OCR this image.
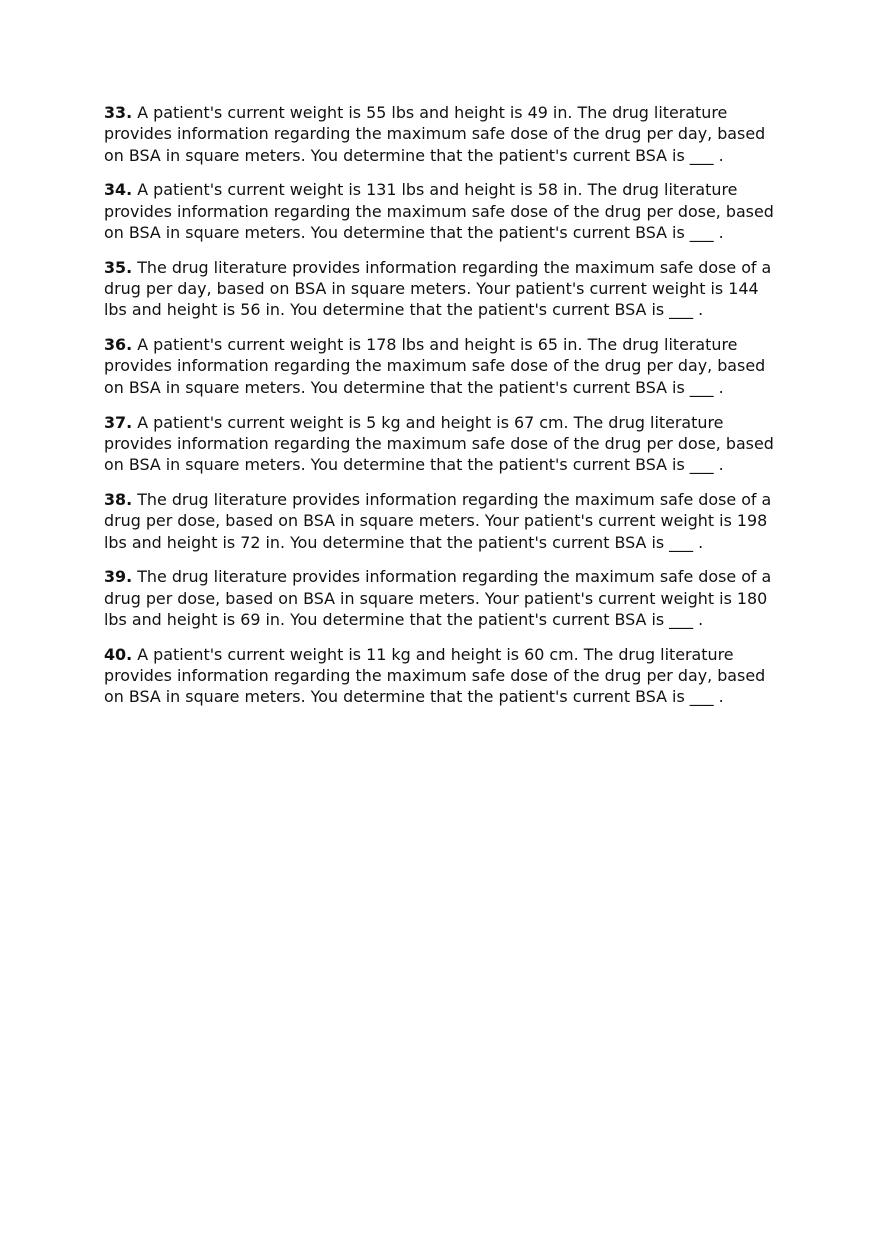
33. A patient's current weight is 55 lbs and height is 49 in. The drug literature provides information regarding the maximum safe dose of the drug per day, based on BSA in square meters. You determine that the patient's current BSA is ___ .

34. A patient's current weight is 131 lbs and height is 58 in. The drug literature provides information regarding the maximum safe dose of the drug per dose, based on BSA in square meters. You determine that the patient's current BSA is ___ .

35. The drug literature provides information regarding the maximum safe dose of a drug per day, based on BSA in square meters. Your patient's current weight is 144 lbs and height is 56 in. You determine that the patient's current BSA is ___ .

36. A patient's current weight is 178 lbs and height is 65 in. The drug literature provides information regarding the maximum safe dose of the drug per day, based on BSA in square meters. You determine that the patient's current BSA is ___ .

37. A patient's current weight is 5 kg and height is 67 cm. The drug literature provides information regarding the maximum safe dose of the drug per dose, based on BSA in square meters. You determine that the patient's current BSA is ___ .

38. The drug literature provides information regarding the maximum safe dose of a drug per dose, based on BSA in square meters. Your patient's current weight is 198 lbs and height is 72 in. You determine that the patient's current BSA is ___ .

39. The drug literature provides information regarding the maximum safe dose of a drug per dose, based on BSA in square meters. Your patient's current weight is 180 lbs and height is 69 in. You determine that the patient's current BSA is ___ .

40. A patient's current weight is 11 kg and height is 60 cm. The drug literature provides information regarding the maximum safe dose of the drug per day, based on BSA in square meters. You determine that the patient's current BSA is ___ .
